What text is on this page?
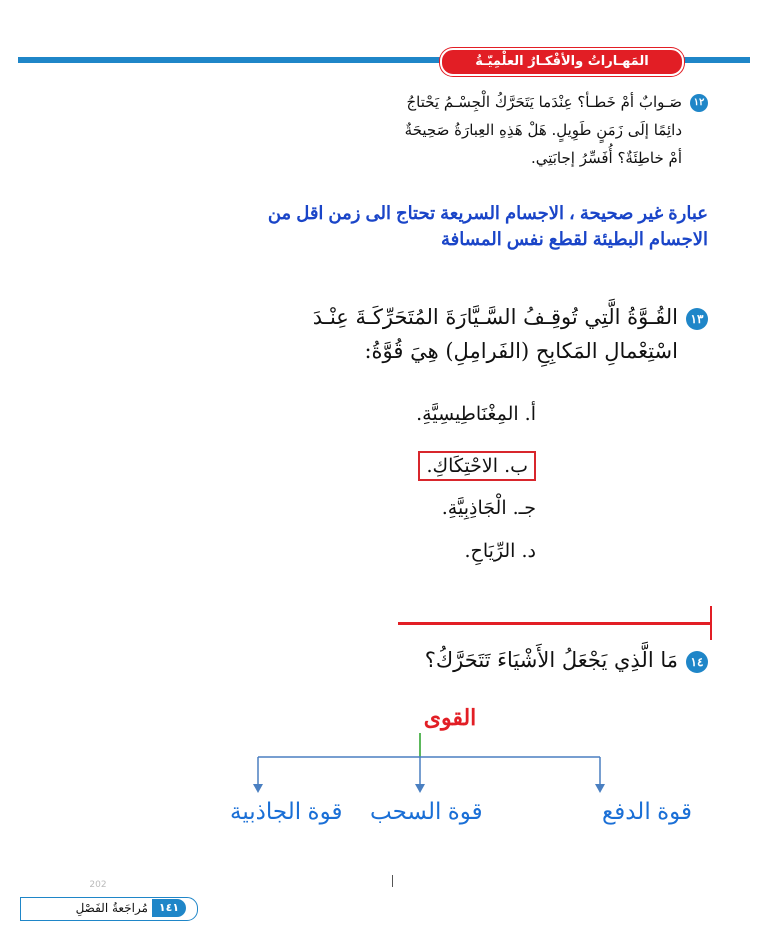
المَهـاراتُ والأفْكـارُ العلْمِيّـةُ
١٢صَـوابٌ أمْ خَطـأ؟ عِنْدَما يَتَحَرَّكُ الْجِسْـمُ يَحْتاجُ
دائِمًا إلَى زَمَنٍ طَوِيلٍ. هَلْ هَذِهِ العِبارَةُ صَحِيحَةٌ
أمْ خاطِئَةٌ؟ أُفَسِّرُ إجابَتِي.
عبارة غير صحيحة ، الاجسام السريعة تحتاج الى زمن اقل من
الاجسام البطيئة لقطع نفس المسافة
١٣القُـوَّةُ الَّتِي تُوقِـفُ السَّـيَّارَةَ المُتَحَرِّكَـةَ عِنْـدَ
اسْتِعْمالِ المَكابِحِ (الفَرامِلِ) هِيَ قُوَّةُ:
أ. المِغْنَاطِيسِيَّةِ.
ب. الاحْتِكَاكِ.
جـ. الْجَاذِبِيَّةِ.
د. الرِّيَاحِ.
١٤مَا الَّذِي يَجْعَلُ الأَشْيَاءَ تَتَحَرَّكُ؟
القوى
قوة الدفع
قوة السحب
قوة الجاذبية
202
١٤١
مُراجَعةُ الفَصْلِ
